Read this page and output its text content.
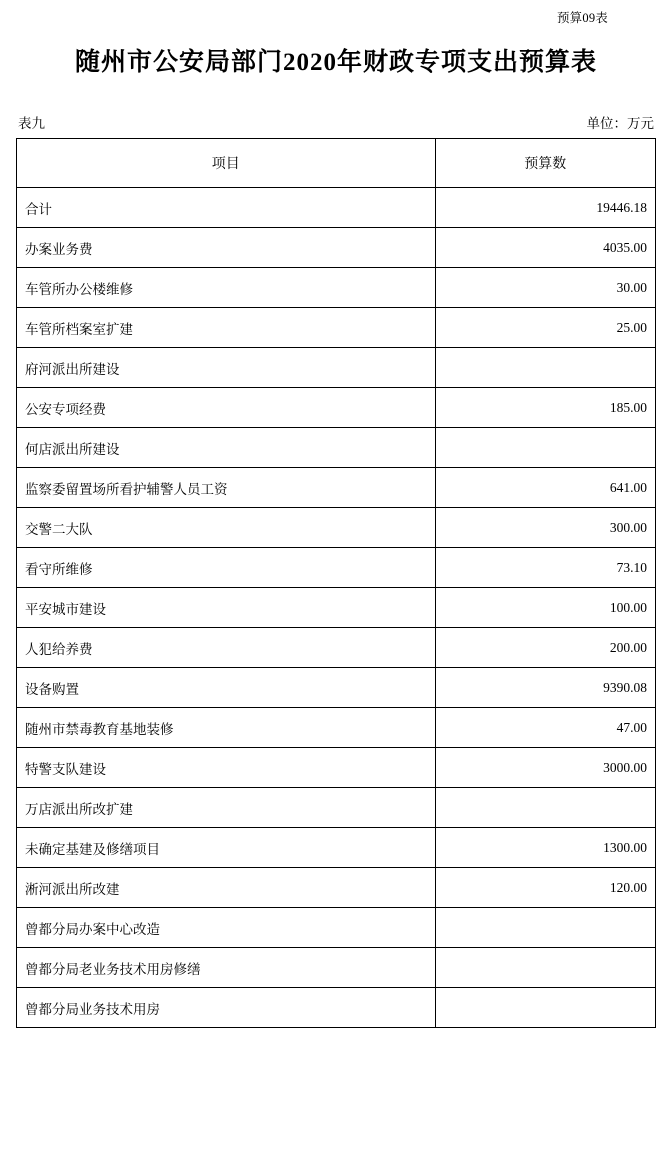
预算09表
随州市公安局部门2020年财政专项支出预算表
表九	单位：万元
项目	预算数
合计	19446.18
办案业务费	4035.00
车管所办公楼维修	30.00
车管所档案室扩建	25.00
府河派出所建设	
公安专项经费	185.00
何店派出所建设	
监察委留置场所看护辅警人员工资	641.00
交警二大队	300.00
看守所维修	73.10
平安城市建设	100.00
人犯给养费	200.00
设备购置	9390.08
随州市禁毒教育基地装修	47.00
特警支队建设	3000.00
万店派出所改扩建	
未确定基建及修缮项目	1300.00
淅河派出所改建	120.00
曾都分局办案中心改造	
曾都分局老业务技术用房修缮	
曾都分局业务技术用房	
